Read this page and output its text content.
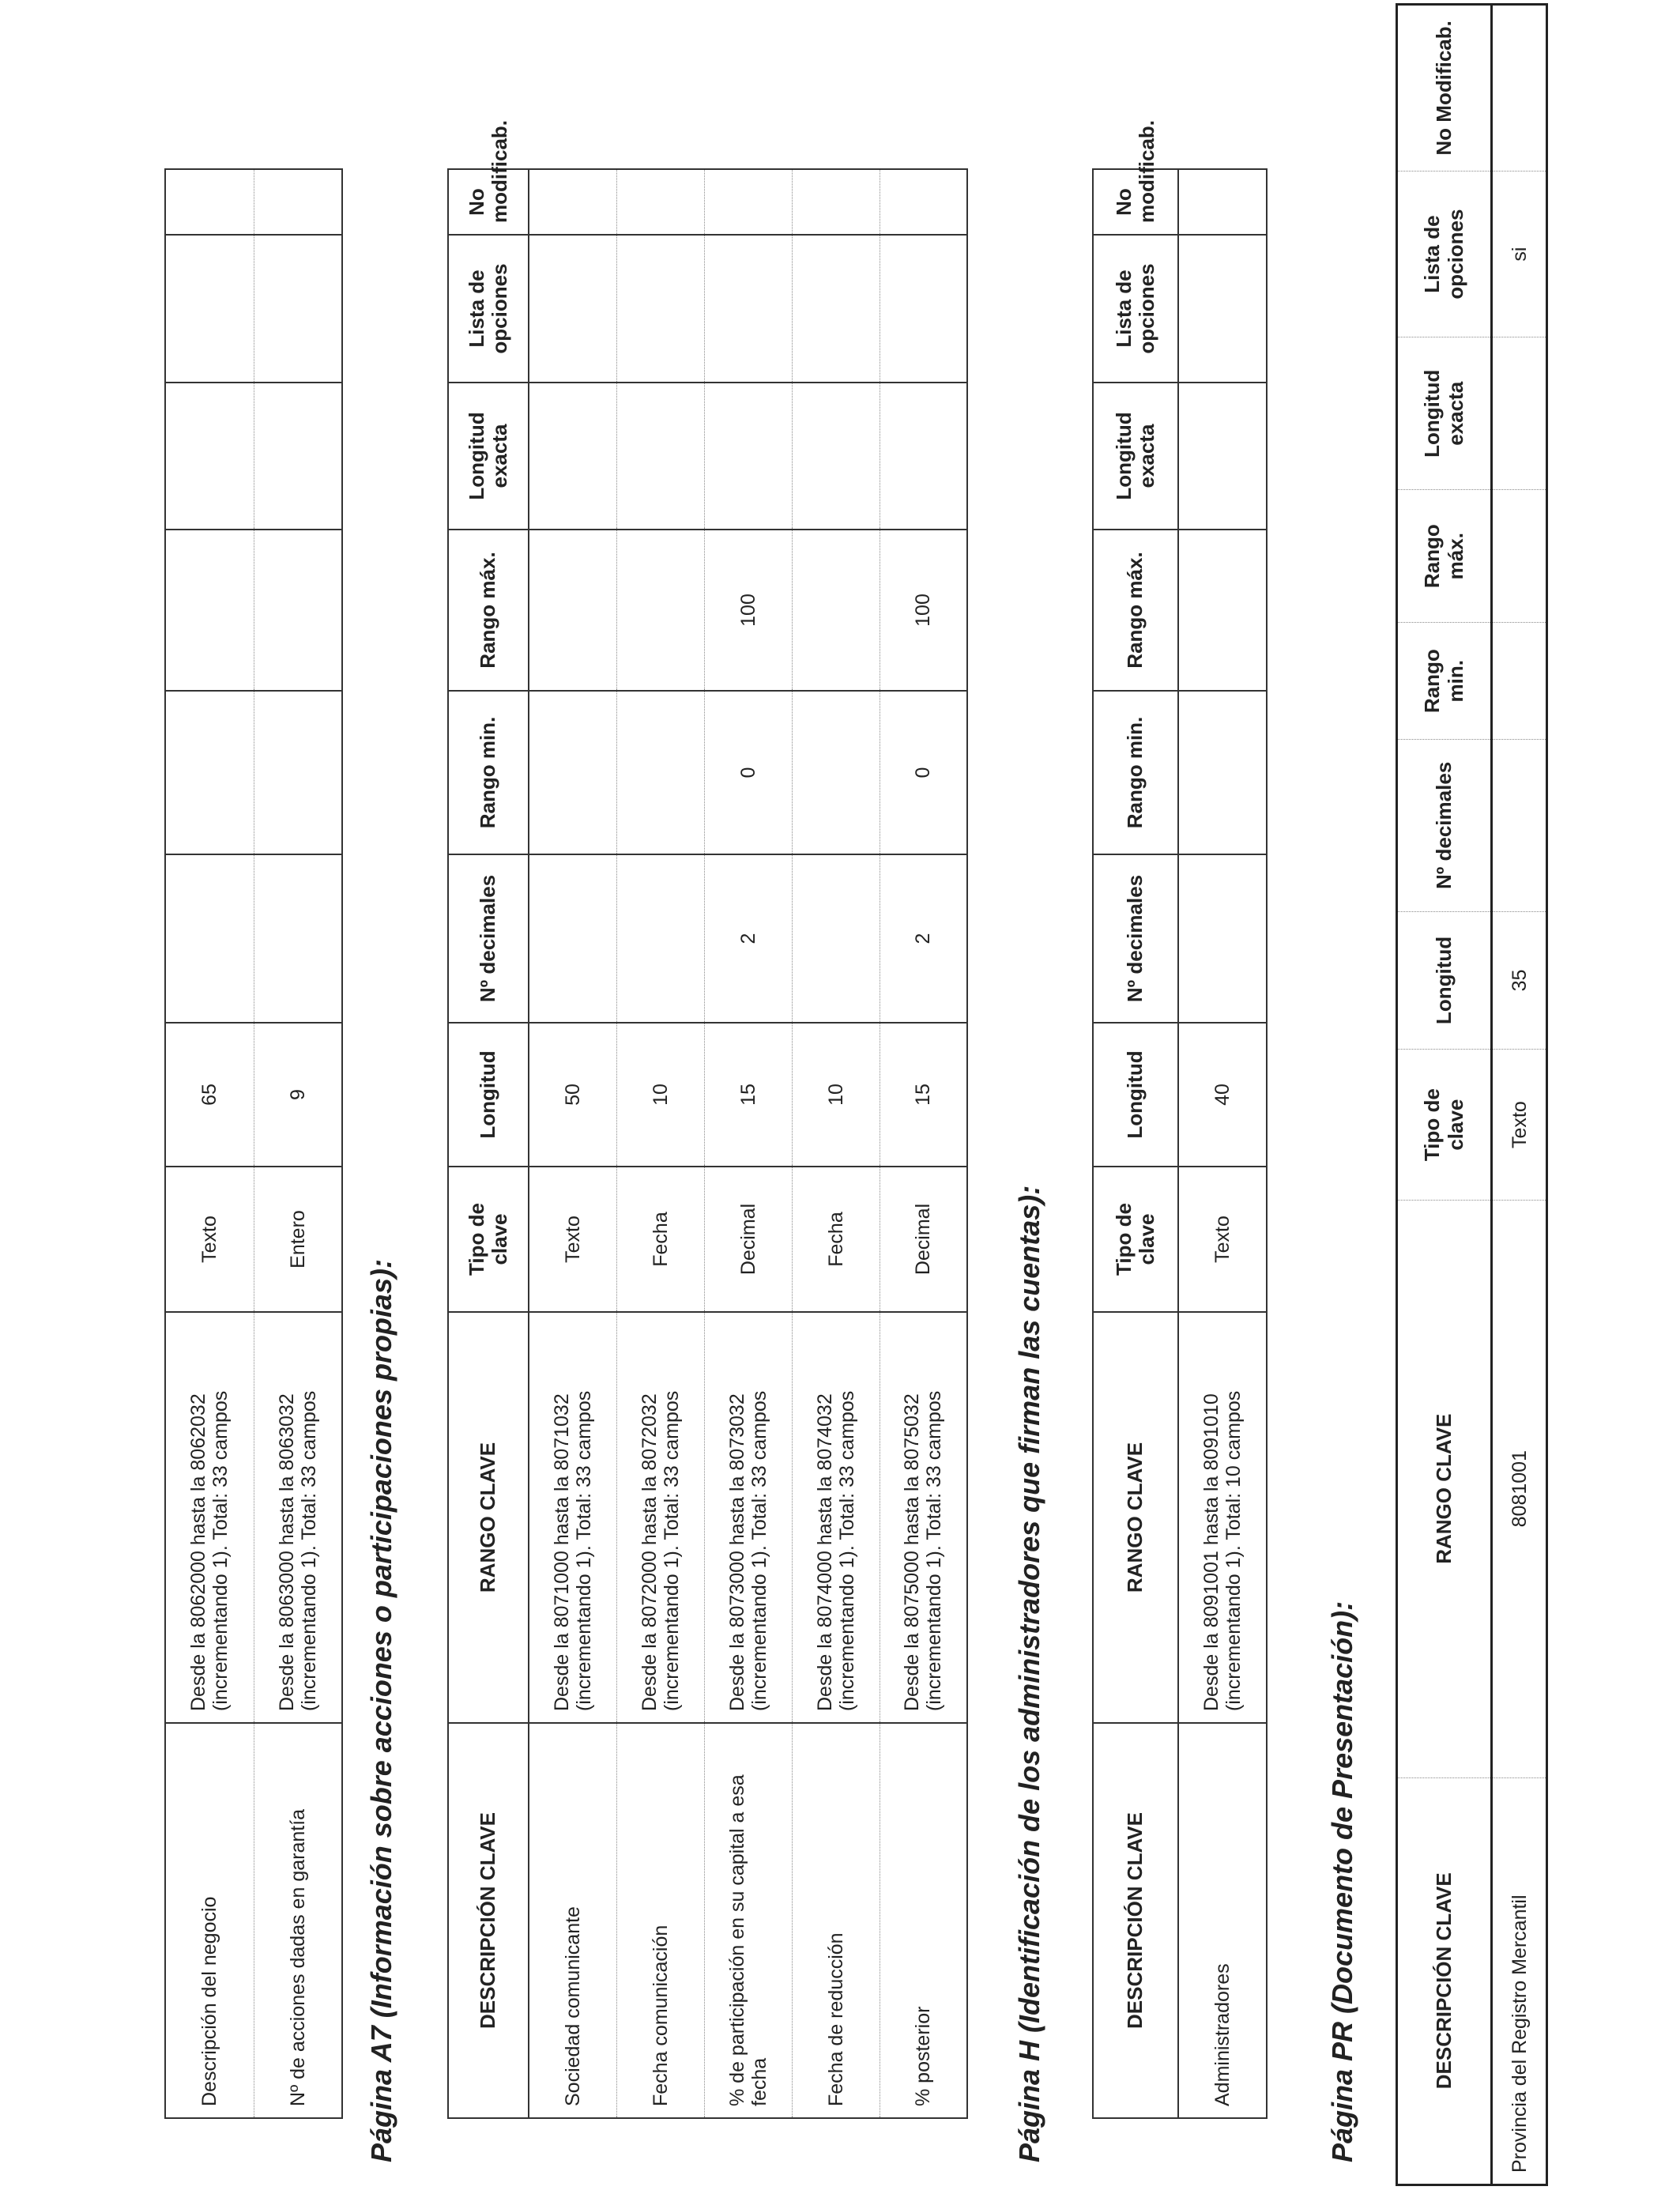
Descripción del negocio	Desde la 8062000 hasta la 8062032 (incrementando 1). Total: 33 campos	Texto	65						
Nº de acciones dadas en garantía	Desde la 8063000 hasta la 8063032 (incrementando 1). Total: 33 campos	Entero	9						
Página A7 (Información sobre acciones o participaciones propias):	DESCRIPCIÓN CLAVE	RANGO CLAVE	Tipo de clave	Longitud	Nº decimales	Rango min.	Rango máx.	Longitud exacta	Lista de opciones	No modificab.
Sociedad comunicante	Desde la 8071000 hasta la 8071032 (incrementando 1). Total: 33 campos	Texto	50						
Fecha comunicación	Desde la 8072000 hasta la 8072032 (incrementando 1). Total: 33 campos	Fecha	10						
% de participación en su capital a esa fecha	Desde la 8073000 hasta la 8073032 (incrementando 1). Total: 33 campos	Decimal	15	2	0	100			
Fecha de reducción	Desde la 8074000 hasta la 8074032 (incrementando 1). Total: 33 campos	Fecha	10						
% posterior	Desde la 8075000 hasta la 8075032 (incrementando 1). Total: 33 campos	Decimal	15	2	0	100			
Página H (Identificación de los administradores que firman las cuentas):	DESCRIPCIÓN CLAVE	RANGO CLAVE	Tipo de clave	Longitud	Nº decimales	Rango min.	Rango máx.	Longitud exacta	Lista de opciones	No modificab.
Administradores	Desde la 8091001 hasta la 8091010 (incrementando 1). Total: 10 campos	Texto	40						
Página PR (Documento de Presentación):	DESCRIPCIÓN CLAVE	RANGO CLAVE	Tipo de clave	Longitud	Nº decimales	Rango min.	Rango máx.	Longitud exacta	Lista de opciones	No Modificab.
Provincia del Registro Mercantil	8081001	Texto	35					si	
